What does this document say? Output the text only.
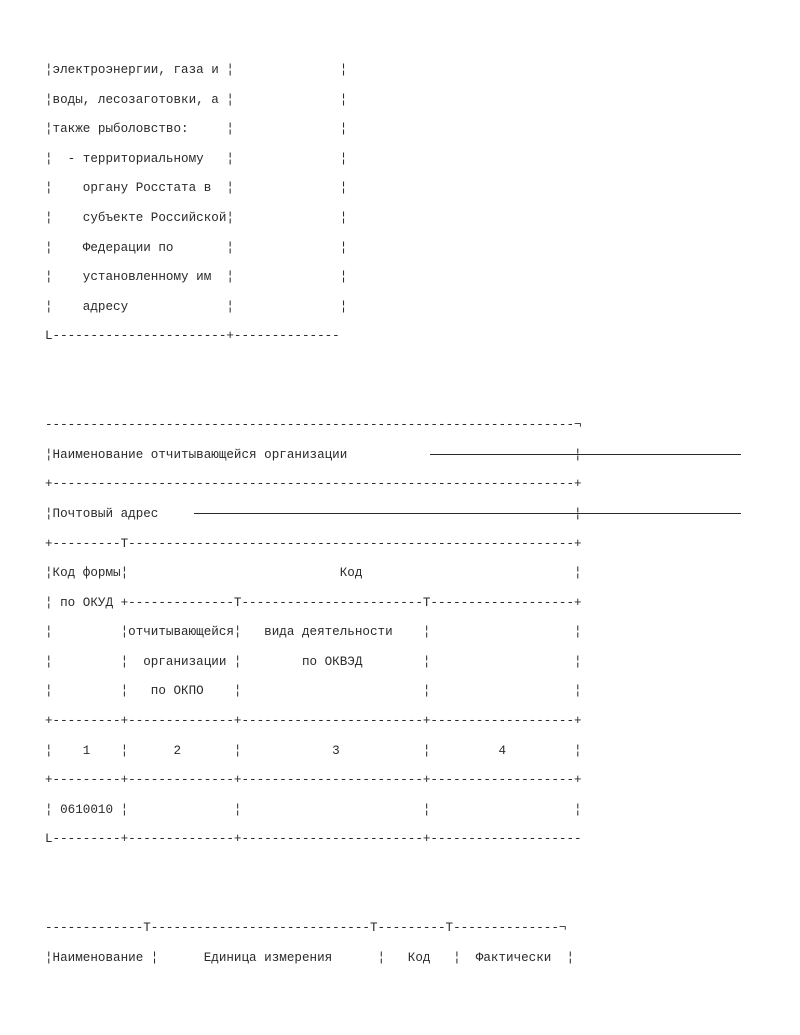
¦электроэнергии, газа и ¦              ¦
¦воды, лесозаготовки, а ¦              ¦
¦также рыболовство:     ¦              ¦
¦  - территориальному   ¦              ¦
¦    органу Росстата в  ¦              ¦
¦    субъекте Российской¦              ¦
¦    Федерации по       ¦              ¦
¦    установленному им  ¦              ¦
¦    адресу             ¦              ¦
L-----------------------+--------------
----------------------------------------------------------------------¬
¦Наименование отчитывающейся организации                              ¦
+---------------------------------------------------------------------+
¦Почтовый адрес                                                       ¦
+---------T-----------------------------------------------------------+
¦Код формы¦                            Код                            ¦
¦ по ОКУД +--------------T------------------------T-------------------+
¦         ¦отчитывающейся¦   вида деятельности    ¦                   ¦
¦         ¦  организации ¦        по ОКВЭД        ¦                   ¦
¦         ¦   по ОКПО    ¦                        ¦                   ¦
+---------+--------------+------------------------+-------------------+
¦    1    ¦      2       ¦            3           ¦         4         ¦
+---------+--------------+------------------------+-------------------+
¦ 0610010 ¦              ¦                        ¦                   ¦
L---------+--------------+------------------------+--------------------
-------------T-----------------------------T---------T--------------¬
¦Наименование ¦      Единица измерения      ¦   Код   ¦  Фактически  ¦
